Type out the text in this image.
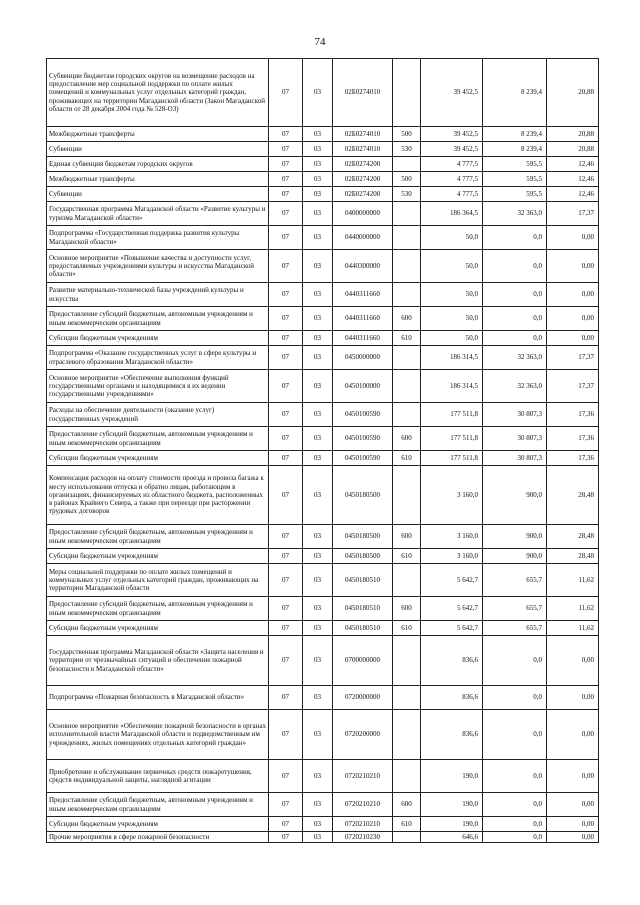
74
Субвенции бюджетам городских округов на возмещение расходов на предоставление мер социальной поддержки по оплате жилых помещений и коммунальных услуг отдельных категорий граждан, проживающих на территории Магаданской области (Закон Магаданской области от 28 декабря 2004 года № 528-ОЗ)	07	03	02Б0274010		39 452,5	8 239,4	20,88
Межбюджетные трансферты	07	03	02Б0274010	500	39 452,5	8 239,4	20,88
Субвенции	07	03	02Б0274010	530	39 452,5	8 239,4	20,88
Единая субвенция бюджетам городских округов	07	03	02Б0274200		4 777,5	595,5	12,46
Межбюджетные трансферты	07	03	02Б0274200	500	4 777,5	595,5	12,46
Субвенции	07	03	02Б0274200	530	4 777,5	595,5	12,46
Государственная программа Магаданской области «Развитие культуры и туризма Магаданской области»	07	03	0400000000		186 364,5	32 363,0	17,37
Подпрограмма «Государственная поддержка развития культуры Магаданской области»	07	03	0440000000		50,0	0,0	0,00
Основное мероприятие «Повышение качества и доступности услуг, предоставляемых учреждениями культуры и искусства Магаданской области»	07	03	0440300000		50,0	0,0	0,00
Развитие материально-технической базы учреждений культуры и искусства	07	03	0440311660		50,0	0,0	0,00
Предоставление субсидий бюджетным, автономным учреждениям и иным некоммерческим организациям	07	03	0440311660	600	50,0	0,0	0,00
Субсидии бюджетным учреждениям	07	03	0440311660	610	50,0	0,0	0,00
Подпрограмма «Оказание государственных услуг в сфере культуры и отраслевого образования Магаданской области»	07	03	0450000000		186 314,5	32 363,0	17,37
Основное мероприятие «Обеспечение выполнения функций государственными органами и находящимися в их ведении государственными учреждениями»	07	03	0450100000		186 314,5	32 363,0	17,37
Расходы на обеспечение деятельности (оказание услуг) государственных учреждений	07	03	0450100590		177 511,8	30 807,3	17,36
Предоставление субсидий бюджетным, автономным учреждениям и иным некоммерческим организациям	07	03	0450100590	600	177 511,8	30 807,3	17,36
Субсидии бюджетным учреждениям	07	03	0450100590	610	177 511,8	30 807,3	17,36
Компенсация расходов на оплату стоимости проезда и провоза багажа к месту использования отпуска и обратно лицам, работающим в организациях, финансируемых из областного бюджета, расположенных в районах Крайнего Севера, а также при переезде при расторжении трудовых договоров	07	03	0450180500		3 160,0	900,0	28,48
Предоставление субсидий бюджетным, автономным учреждениям и иным некоммерческим организациям	07	03	0450180500	600	3 160,0	900,0	28,48
Субсидии бюджетным учреждениям	07	03	0450180500	610	3 160,0	900,0	28,48
Меры социальной поддержки по оплате жилых помещений и коммунальных услуг отдельных категорий граждан, проживающих на территории Магаданской области	07	03	0450180510		5 642,7	655,7	11,62
Предоставление субсидий бюджетным, автономным учреждениям и иным некоммерческим организациям	07	03	0450180510	600	5 642,7	655,7	11,62
Субсидии бюджетным учреждениям	07	03	0450180510	610	5 642,7	655,7	11,62
Государственная программа Магаданской области «Защита населения и территории от чрезвычайных ситуаций и обеспечение пожарной безопасности в Магаданской области»	07	03	0700000000		836,6	0,0	0,00
Подпрограмма «Пожарная безопасность в Магаданской области»	07	03	0720000000		836,6	0,0	0,00
Основное мероприятие «Обеспечение пожарной безопасности в органах исполнительной власти Магаданской области и подведомственным им учреждениях, жилых помещениях отдельных категорий граждан»	07	03	0720200000		836,6	0,0	0,00
Приобретение и обслуживание первичных средств пожаротушения, средств индивидуальной защиты, наглядной агитации	07	03	0720210210		190,0	0,0	0,00
Предоставление субсидий бюджетным, автономным учреждениям и иным некоммерческим организациям	07	03	0720210210	600	190,0	0,0	0,00
Субсидии бюджетным учреждениям	07	03	0720210210	610	190,0	0,0	0,00
Прочие мероприятия в сфере пожарной безопасности	07	03	0720210230		646,6	0,0	0,00
